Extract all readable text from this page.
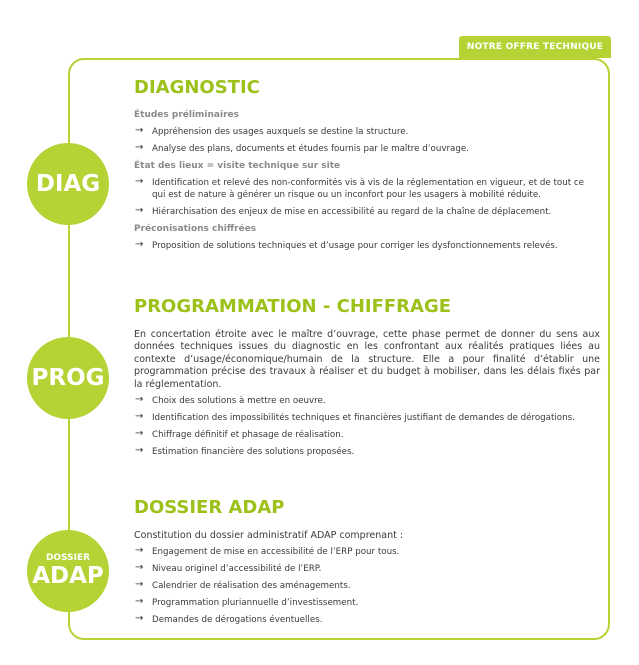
NOTRE OFFRE TECHNIQUE
DIAG
PROG
DOSSIER
ADAP
DIAGNOSTIC
Études préliminaires
→ Appréhension des usages auxquels se destine la structure.
→ Analyse des plans, documents et études fournis par le maître d’ouvrage.
État des lieux = visite technique sur site
→ Identification et relevé des non-conformités vis à vis de la réglementation en vigueur, et de tout ce qui est de nature à générer un risque ou un inconfort pour les usagers à mobilité réduite.
→ Hiérarchisation des enjeux de mise en accessibilité au regard de la chaîne de déplacement.
Préconisations chiffrées
→ Proposition de solutions techniques et d’usage pour corriger les dysfonctionnements relevés.
PROGRAMMATION - CHIFFRAGE

En concertation étroite avec le maître d’ouvrage, cette phase permet de donner du sens aux données techniques issues du diagnostic en les confrontant aux réalités pratiques liées au contexte d’usage/économique/humain de la structure. Elle a pour finalité d’établir une programmation précise des travaux à réaliser et du budget à mobiliser, dans les délais fixés par la réglementation.

→ Choix des solutions à mettre en oeuvre.
→ Identification des impossibilités techniques et financières justifiant de demandes de dérogations.
→ Chiffrage définitif et phasage de réalisation.
→ Estimation financière des solutions proposées.
DOSSIER ADAP

Constitution du dossier administratif ADAP comprenant :

→ Engagement de mise en accessibilité de l’ERP pour tous.
→ Niveau originel d’accessibilité de l’ERP.
→ Calendrier de réalisation des aménagements.
→ Programmation pluriannuelle d’investissement.
→ Demandes de dérogations éventuelles.
